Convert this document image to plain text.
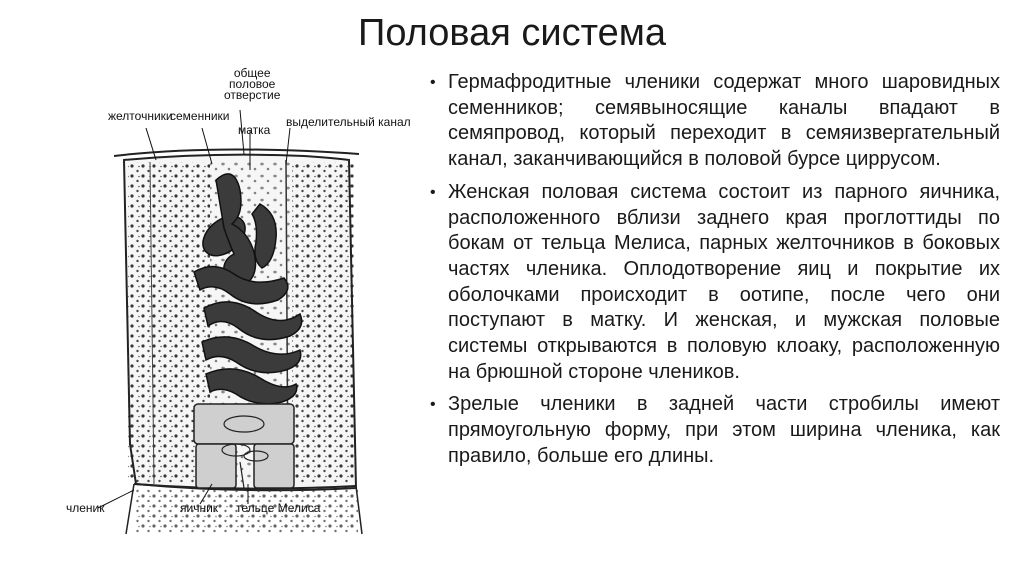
Половая система
желточники
семенники
общее
половое
отверстие
матка
выделительный канал
членик	яичник тельце Мелиса
• Гермафродитные членики содержат много шаровидных семенников; семявыносящие каналы впадают в семяпровод, который переходит в семяизвергательный канал, заканчивающийся в половой бурсе циррусом.
• Женская половая система состоит из парного яичника, расположенного вблизи заднего края проглоттиды по бокам от тельца Мелиса, парных желточников в боковых частях членика. Оплодотворение яиц и покрытие их оболочками происходит в оотипе, после чего они поступают в матку. И женская, и мужская половые системы открываются в половую клоаку, расположенную на брюшной стороне члеников.
• Зрелые членики в задней части стробилы имеют прямоугольную форму, при этом ширина членика, как правило, больше его длины.
